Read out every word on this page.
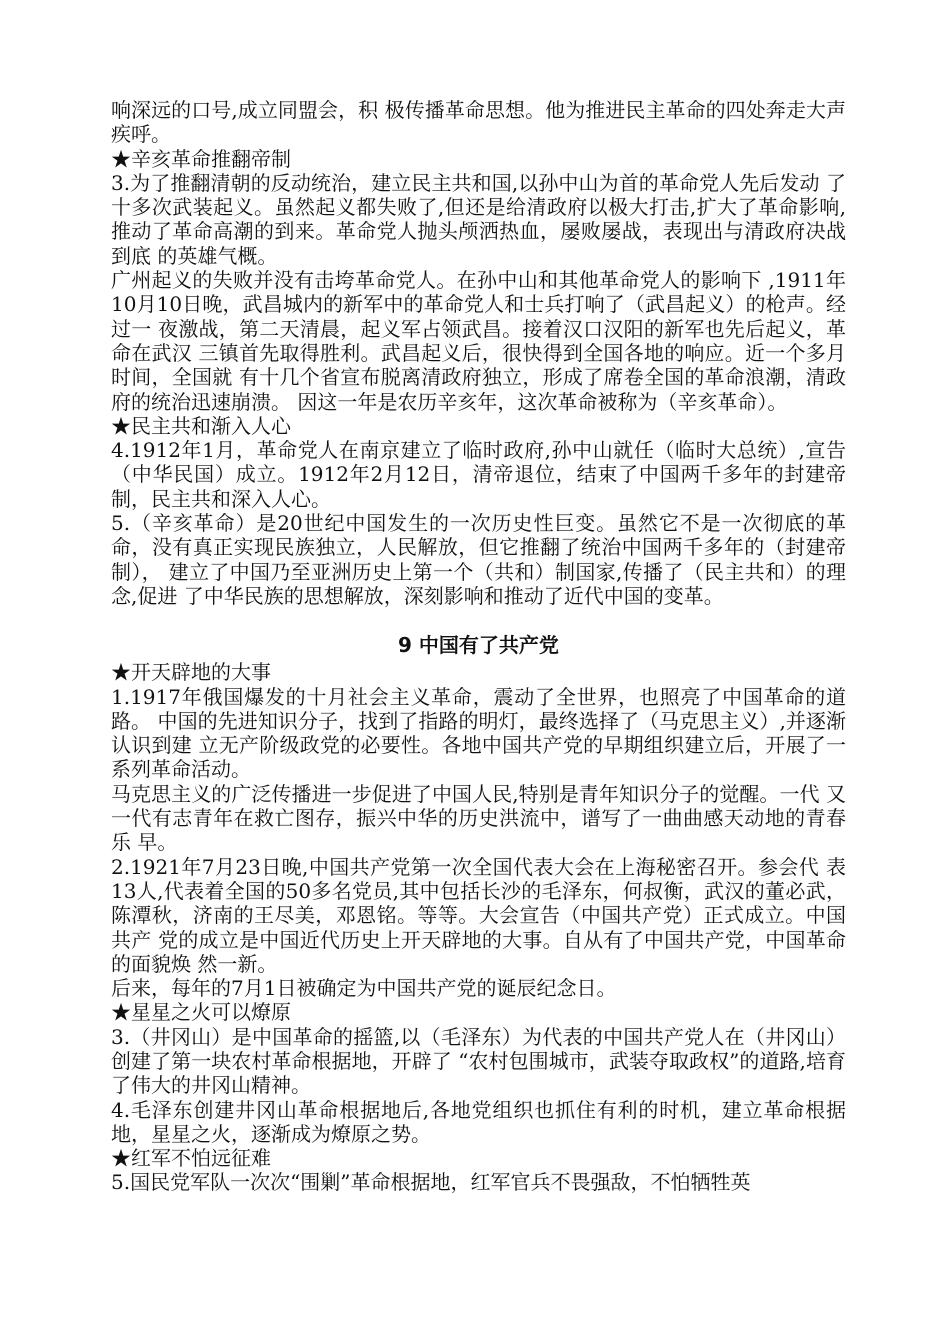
响深远的口号,成立同盟会，积 极传播革命思想。他为推进民主革命的四处奔走大声疾呼。

★辛亥革命推翻帝制

3.为了推翻清朝的反动统治，建立民主共和国,以孙中山为首的革命党人先后发动 了十多次武装起义。虽然起义都失败了,但还是给清政府以极大打击,扩大了革命影响, 推动了革命高潮的到来。革命党人抛头颅洒热血，屡败屡战，表现出与清政府决战到底 的英雄气概。

广州起义的失败并没有击垮革命党人。在孙中山和其他革命党人的影响下 ,1911年 10月10日晚，武昌城内的新军中的革命党人和士兵打响了（武昌起义）的枪声。经过一 夜激战，第二天清晨，起义军占领武昌。接着汉口汉阳的新军也先后起义，革命在武汉 三镇首先取得胜利。武昌起义后，很快得到全国各地的响应。近一个多月时间，全国就 有十几个省宣布脱离清政府独立，形成了席卷全国的革命浪潮，清政府的统治迅速崩溃。 因这一年是农历辛亥年，这次革命被称为（辛亥革命）。

★民主共和渐入人心

4.1912年1月，革命党人在南京建立了临时政府,孙中山就任（临时大总统）,宣告（中华民国）成立。1912年2月12日，清帝退位，结束了中国两千多年的封建帝制，民主共和深入人心。

5.（辛亥革命）是20世纪中国发生的一次历史性巨变。虽然它不是一次彻底的革 命，没有真正实现民族独立，人民解放，但它推翻了统治中国两千多年的（封建帝制）， 建立了中国乃至亚洲历史上第一个（共和）制国家,传播了（民主共和）的理念,促进 了中华民族的思想解放，深刻影响和推动了近代中国的变革。

9 中国有了共产党

★开天辟地的大事

1.1917年俄国爆发的十月社会主义革命，震动了全世界，也照亮了中国革命的道路。 中国的先进知识分子，找到了指路的明灯，最终选择了（马克思主义）,并逐渐认识到建 立无产阶级政党的必要性。各地中国共产党的早期组织建立后，开展了一系列革命活动。

马克思主义的广泛传播进一步促进了中国人民,特别是青年知识分子的觉醒。一代 又一代有志青年在救亡图存，振兴中华的历史洪流中，谱写了一曲曲感天动地的青春乐 早。

2.1921年7月23日晚,中国共产党第一次全国代表大会在上海秘密召开。参会代 表13人,代表着全国的50多名党员,其中包括长沙的毛泽东，何叔衡，武汉的董必武， 陈潭秋，济南的王尽美，邓恩铭。等等。大会宣告（中国共产党）正式成立。中国共产 党的成立是中国近代历史上开天辟地的大事。自从有了中国共产党，中国革命的面貌焕 然一新。

后来，每年的7月1日被确定为中国共产党的诞辰纪念日。

★星星之火可以燎原

3.（井冈山）是中国革命的摇篮,以（毛泽东）为代表的中国共产党人在（井冈山） 创建了第一块农村革命根据地，开辟了 “农村包围城市，武装夺取政权”的道路,培育 了伟大的井冈山精神。

4.毛泽东创建井冈山革命根据地后,各地党组织也抓住有利的时机，建立革命根据 地，星星之火，逐渐成为燎原之势。

★红军不怕远征难

5.国民党军队一次次“围剿”革命根据地，红军官兵不畏强敌，不怕牺牲英
